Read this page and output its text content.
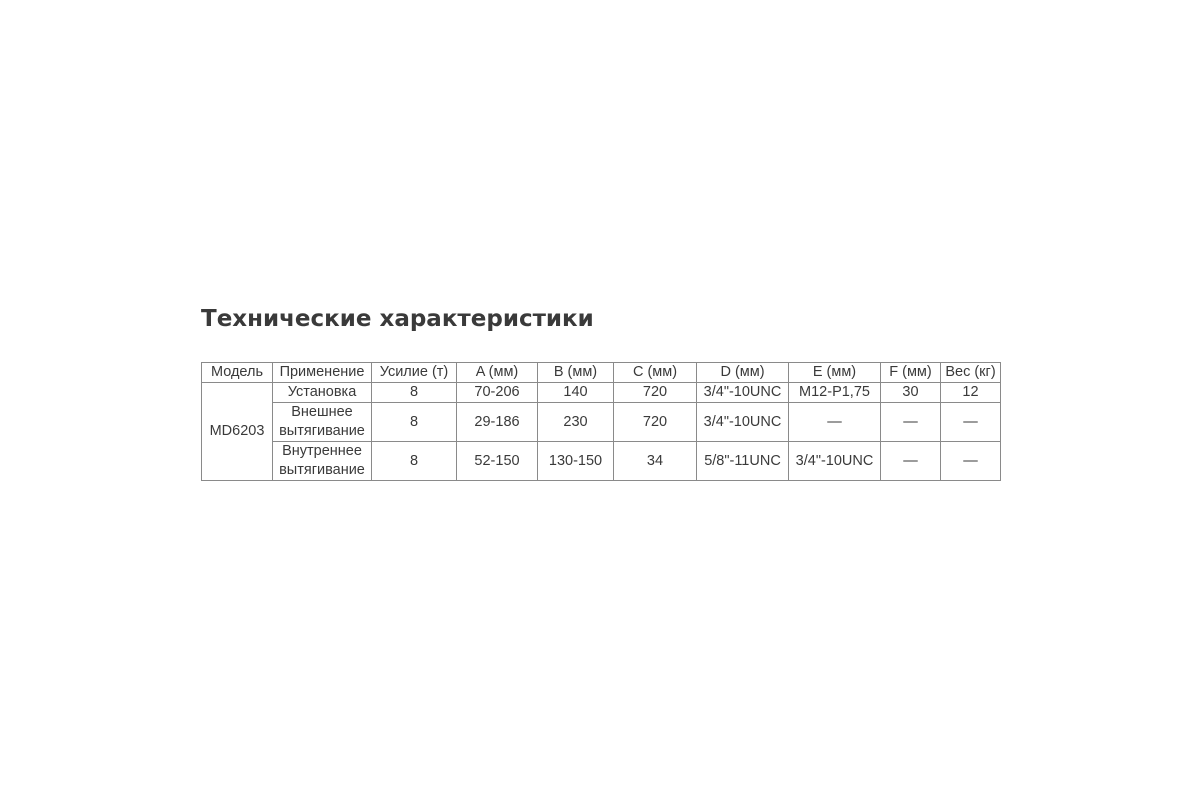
Технические характеристики
Модель	Применение	Усилие (т)	A (мм)	B (мм)	C (мм)	D (мм)	E (мм)	F (мм)	Вес (кг)
MD6203	Установка	8	70-206	140	720	3/4"-10UNC	M12-P1,75	30	12
	Внешнее вытягивание	8	29-186	230	720	3/4"-10UNC	—	—	—
	Внутреннее вытягивание	8	52-150	130-150	34	5/8"-11UNC	3/4"-10UNC	—	—
